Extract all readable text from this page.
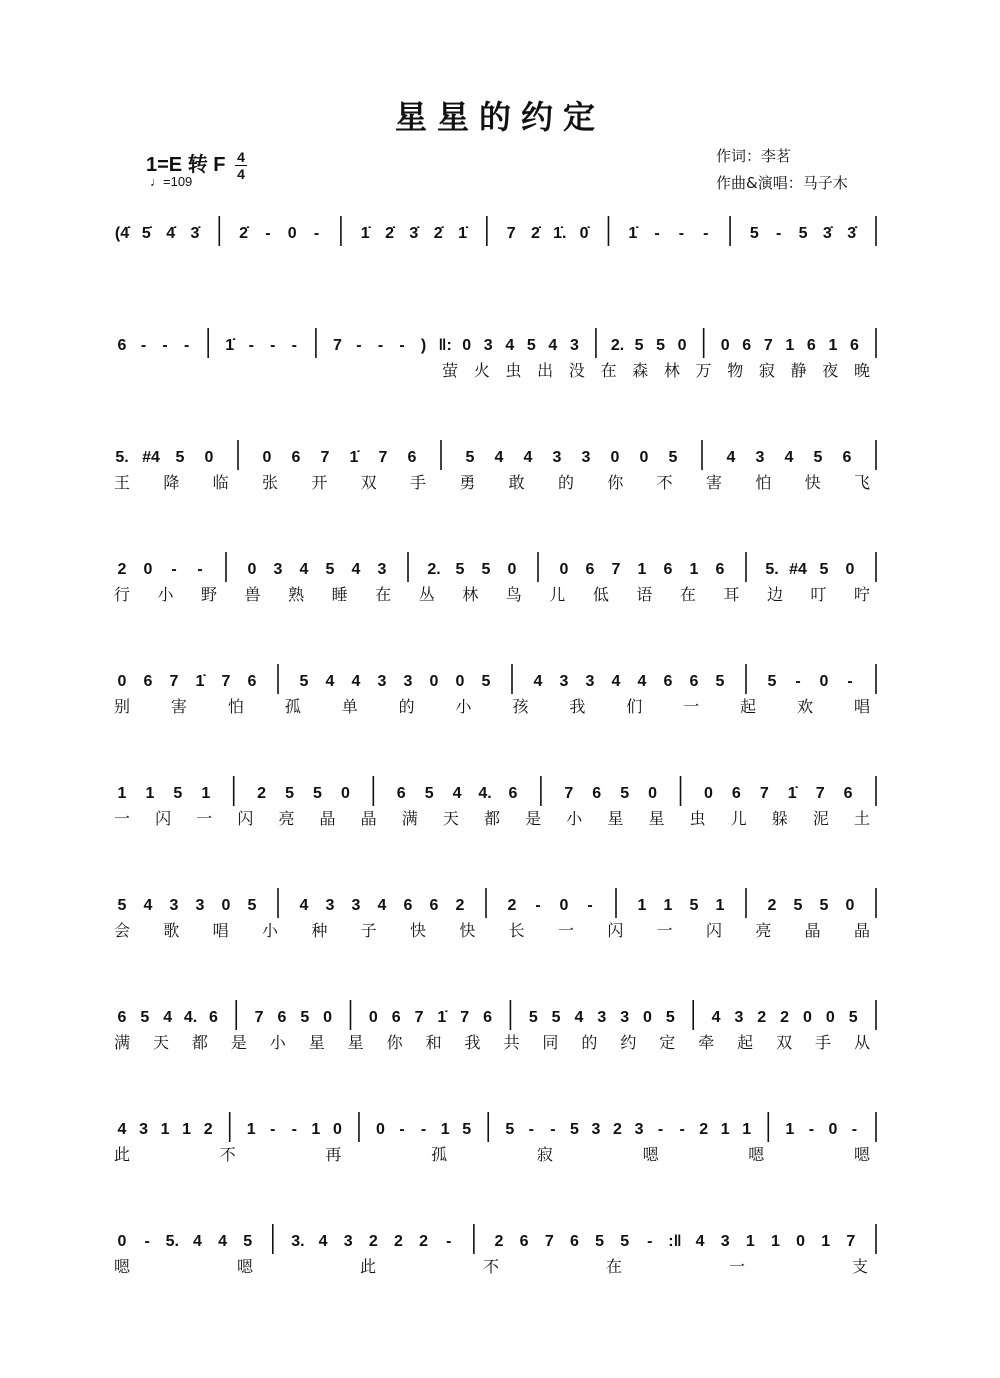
星星的约定
1=E 转 F $\frac{4}{4}$
♩=109
作词：李茗
作曲&演唱：马子木
(4̇ 5̇ 4̇ 3̇ 2̇ - 0 -	1̇ 2̇ 3̇ 2̇ 1̇ 7 2̇ 1̇. 0̇ 1̇ - - -	5 - 5 3̇ 3̇
6 - - - 1̇ - - - 7 - - - ) ‖: 0 3 4 5 4 3 2. 5 5 0 0 6 7 1 6 1 6
萤 火 虫 出 没 在 森 林 万 物 寂 静 夜 晚
5. #4 5 0	0 6 7 1̇ 7 6	5 4 4 3 3 0 0 5	4 3 4 5 6
王 降 临 张 开 双 手 勇 敢 的 你 不 害 怕 快 飞
2 0 - -	0 3 4 5 4 3	2. 5 5 0	0 6 7 1 6 1 6	5. #4 5 0
行 小 野 兽 熟 睡 在 丛 林 鸟 儿 低 语 在 耳 边 叮 咛
0 6 7 1̇ 7 6	5 4 4 3 3 0 0 5	4 3 3 4 4 6 6 5	5 - 0 -
别	害	怕	孤	单	的	小	孩	我	们	一	起	欢	唱
1 1 5 1	2 5 5 0	6 5 4 4. 6	7 6 5 0	0 6 7 1̇ 7 6
一 闪 一 闪 亮 晶 晶 满 天 都 是 小 星 星 虫 儿 躲 泥 土
5 4 3 3 0 5	4 3 3 4 6 6 2	2 - 0 -	1 1 5 1	2 5 5 0
会 歌 唱 小 种 子 快 快 长 一 闪 一 闪 亮 晶 晶
6 5 4 4. 6 7 6 5 0 0 6 7 1̇ 7 6 5 5 4 3 3 0 5 4 3 2 2 0 0 5
满 天 都 是 小 星 星 你 和 我 共 同 的 约 定 牵 起 双 手 从
4 3 1 1 2 1 - - 1 0 0 - - 1 5 5 - - 5 3 2 3 - - 2 1 1 1 - 0 -
此	不	再	孤	寂	嗯	嗯	嗯
0 - 5. 4 4 5 3. 4 3 2 2 2 -	2 6 7 6 5 5 - :‖ 4 3 1 1 0 1 7
嗯	嗯	此	不	在	一	支
